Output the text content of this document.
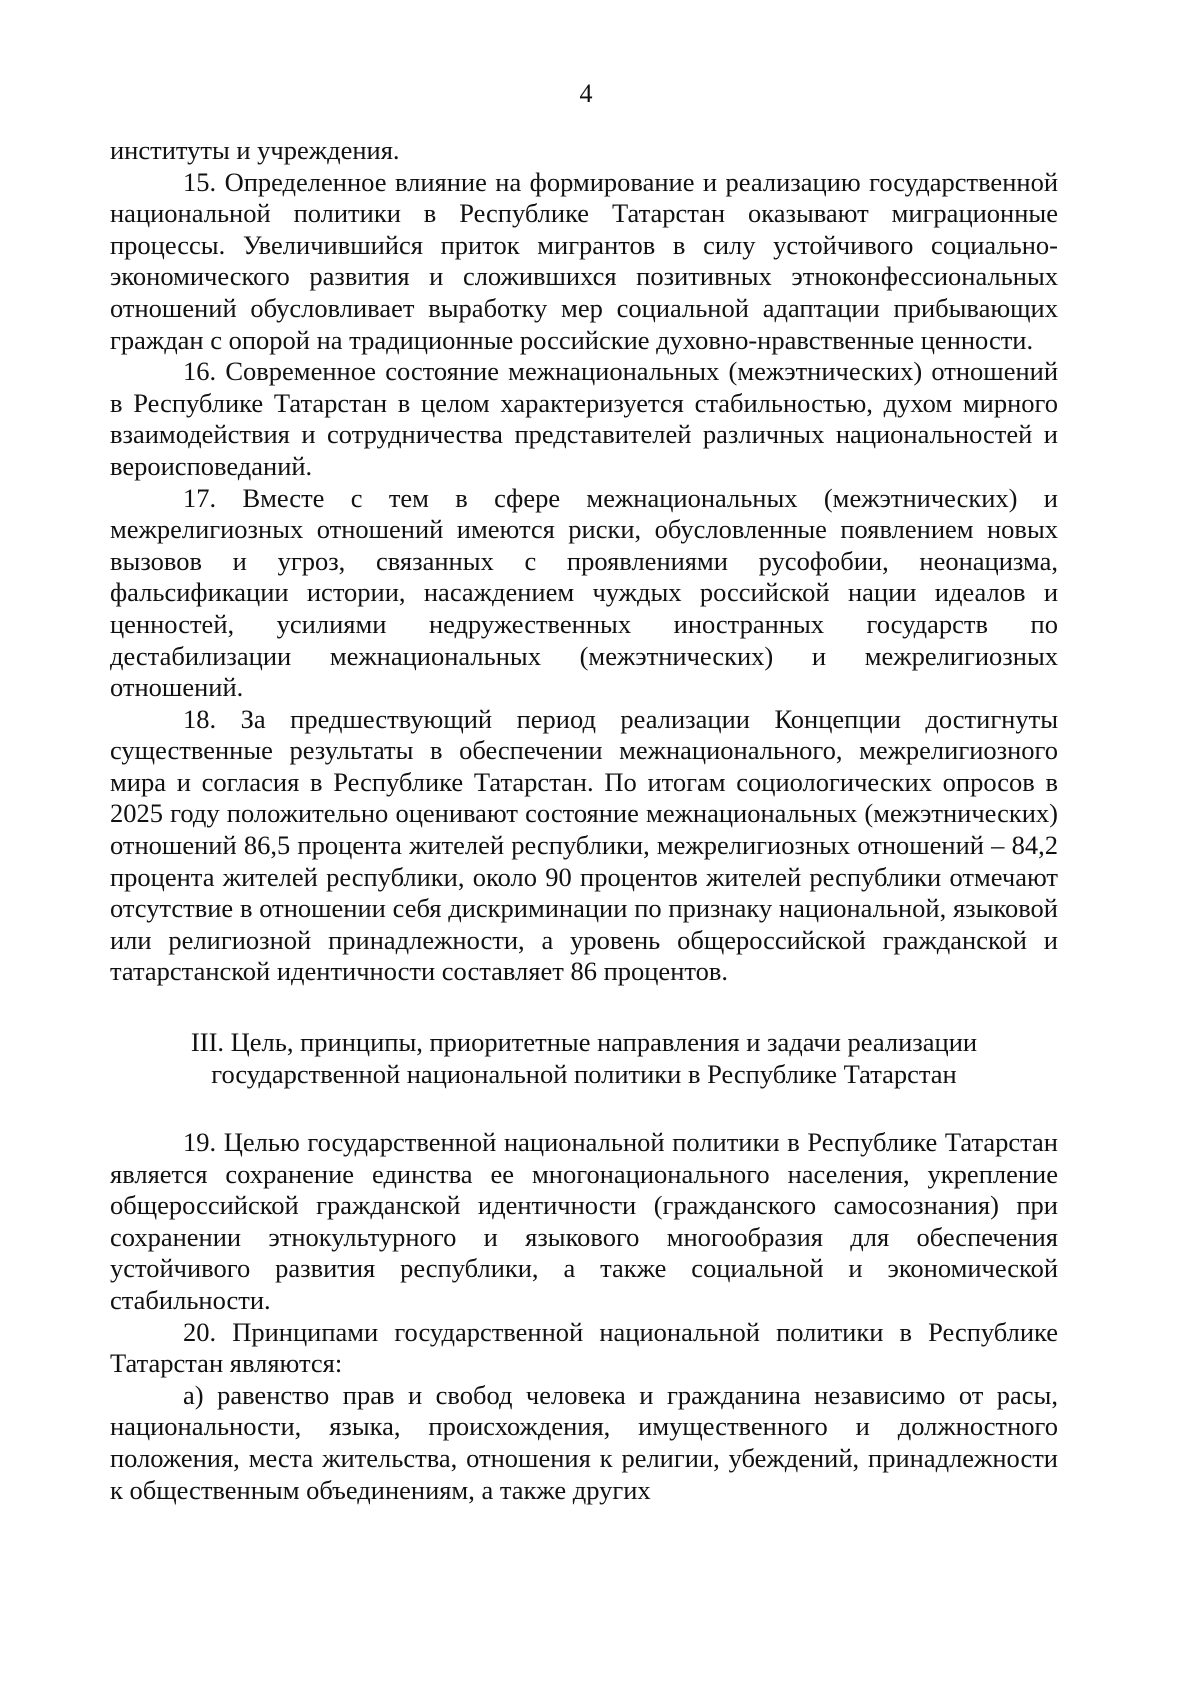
4

институты и учреждения.

15. Определенное влияние на формирование и реализацию государственной национальной политики в Республике Татарстан оказывают миграционные процессы. Увеличившийся приток мигрантов в силу устойчивого социально-экономического развития и сложившихся позитивных этноконфессиональных отношений обусловливает выработку мер социальной адаптации прибывающих граждан с опорой на традиционные российские духовно-нравственные ценности.

16. Современное состояние межнациональных (межэтнических) отношений в Республике Татарстан в целом характеризуется стабильностью, духом мирного взаимодействия и сотрудничества представителей различных национальностей и вероисповеданий.

17. Вместе с тем в сфере межнациональных (межэтнических) и межрелигиозных отношений имеются риски, обусловленные появлением новых вызовов и угроз, связанных с проявлениями русофобии, неонацизма, фальсификации истории, насаждением чуждых российской нации идеалов и ценностей, усилиями недружественных иностранных государств по дестабилизации межнациональных (межэтнических) и межрелигиозных отношений.

18. За предшествующий период реализации Концепции достигнуты существенные результаты в обеспечении межнационального, межрелигиозного мира и согласия в Республике Татарстан. По итогам социологических опросов в 2025 году положительно оценивают состояние межнациональных (межэтнических) отношений 86,5 процента жителей республики, межрелигиозных отношений – 84,2 процента жителей республики, около 90 процентов жителей республики отмечают отсутствие в отношении себя дискриминации по признаку национальной, языковой или религиозной принадлежности, а уровень общероссийской гражданской и татарстанской идентичности составляет 86 процентов.

III. Цель, принципы, приоритетные направления и задачи реализации
государственной национальной политики в Республике Татарстан

19. Целью государственной национальной политики в Республике Татарстан является сохранение единства ее многонационального населения, укрепление общероссийской гражданской идентичности (гражданского самосознания) при сохранении этнокультурного и языкового многообразия для обеспечения устойчивого развития республики, а также социальной и экономической стабильности.

20. Принципами государственной национальной политики в Республике Татарстан являются:

а) равенство прав и свобод человека и гражданина независимо от расы, национальности, языка, происхождения, имущественного и должностного положения, места жительства, отношения к религии, убеждений, принадлежности к общественным объединениям, а также других
